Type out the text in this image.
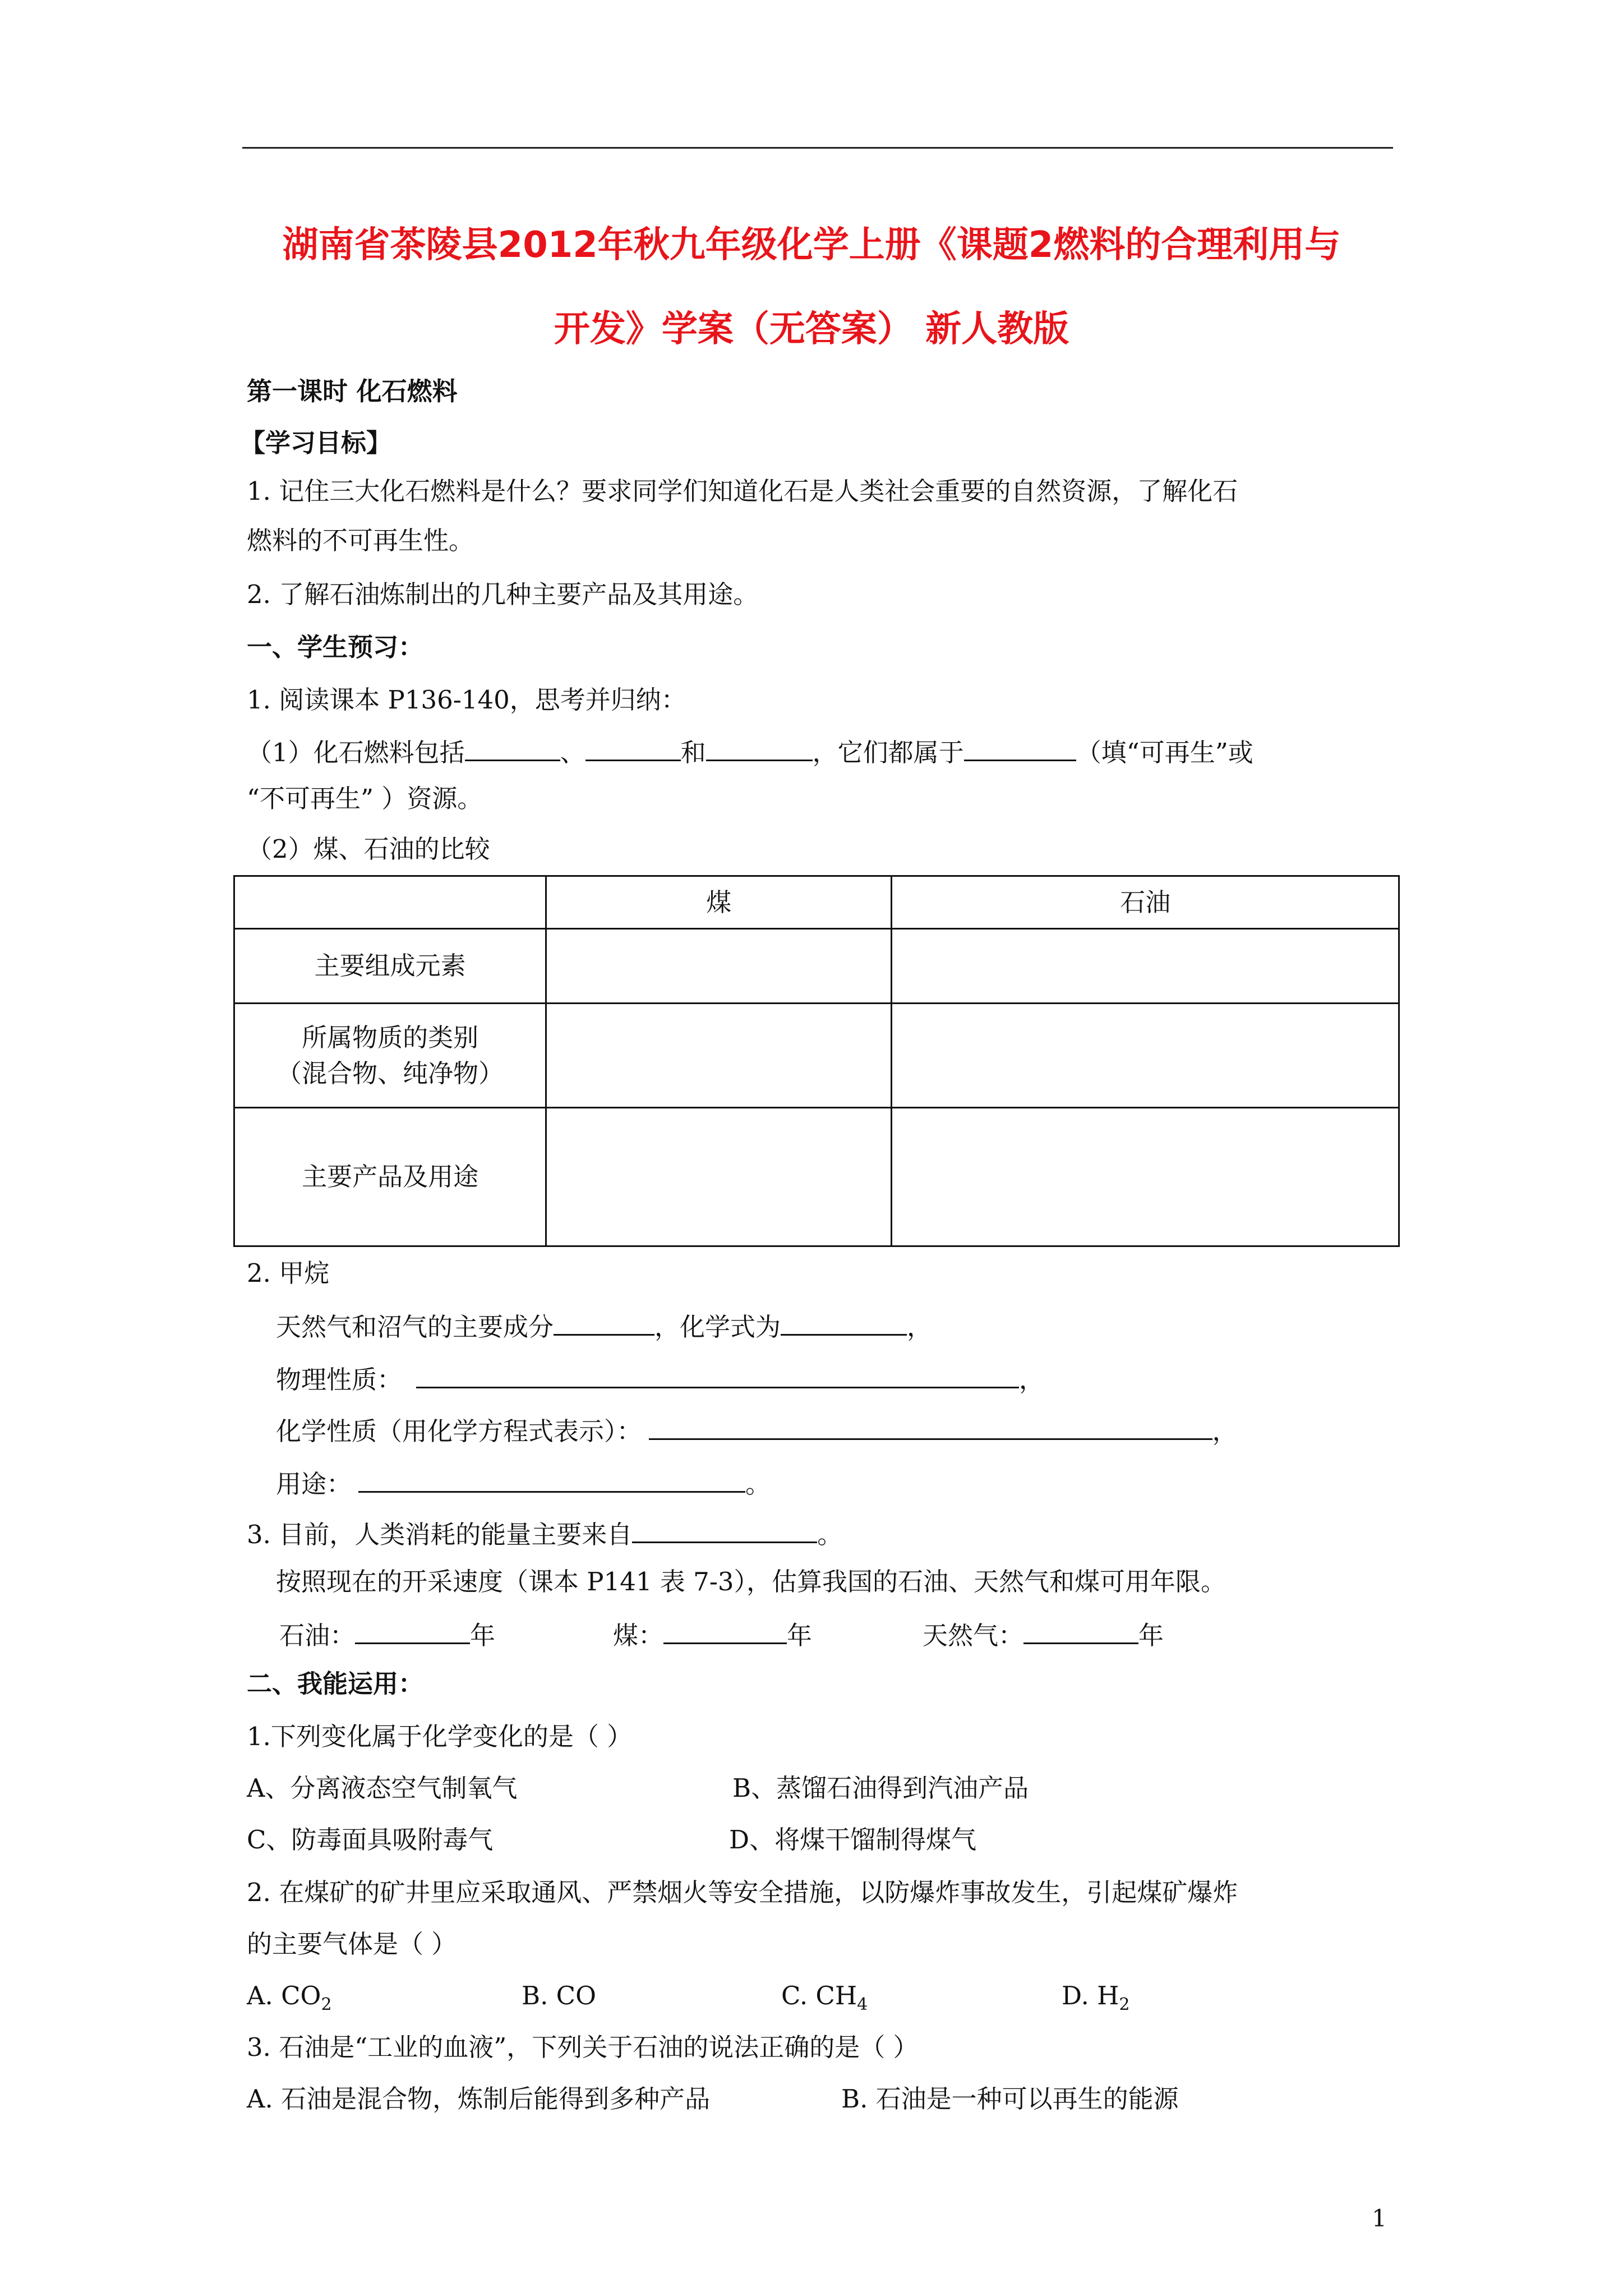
湖南省茶陵县2012年秋九年级化学上册《课题2燃料的合理利用与
开发》学案（无答案） 新人教版
第一课时 化石燃料
【学习目标】
1. 记住三大化石燃料是什么？要求同学们知道化石是人类社会重要的自然资源，了解化石
燃料的不可再生性。
2. 了解石油炼制出的几种主要产品及其用途。
一、学生预习：
1. 阅读课本 P136-140，思考并归纳：
（1）化石燃料包括	、	和	，它们都属于	（填“可再生”或
“不可再生” ）资源。
（2）煤、石油的比较
	煤	石油
主要组成元素		

所属物质的类别
（混合物、纯净物）		

主要产品及用途		
2. 甲烷
天然气和沼气的主要成分	，化学式为	，
物理性质：	，
化学性质（用化学方程式表示）：	，
用途：	。
3. 目前，人类消耗的能量主要来自	。
按照现在的开采速度（课本 P141 表 7-3），估算我国的石油、天然气和煤可用年限。
石油：	年	煤：	年	天然气：	年
二、我能运用：
1.下列变化属于化学变化的是（ ）
A、分离液态空气制氧气	B、蒸馏石油得到汽油产品
C、防毒面具吸附毒气	D、将煤干馏制得煤气
2. 在煤矿的矿井里应采取通风、严禁烟火等安全措施，以防爆炸事故发生，引起煤矿爆炸
的主要气体是（ ）
A. $CO_2$	B. CO	C. $CH_4$	D. $H_2$
3. 石油是“工业的血液”，下列关于石油的说法正确的是（ ）
A. 石油是混合物，炼制后能得到多种产品	B. 石油是一种可以再生的能源
1
